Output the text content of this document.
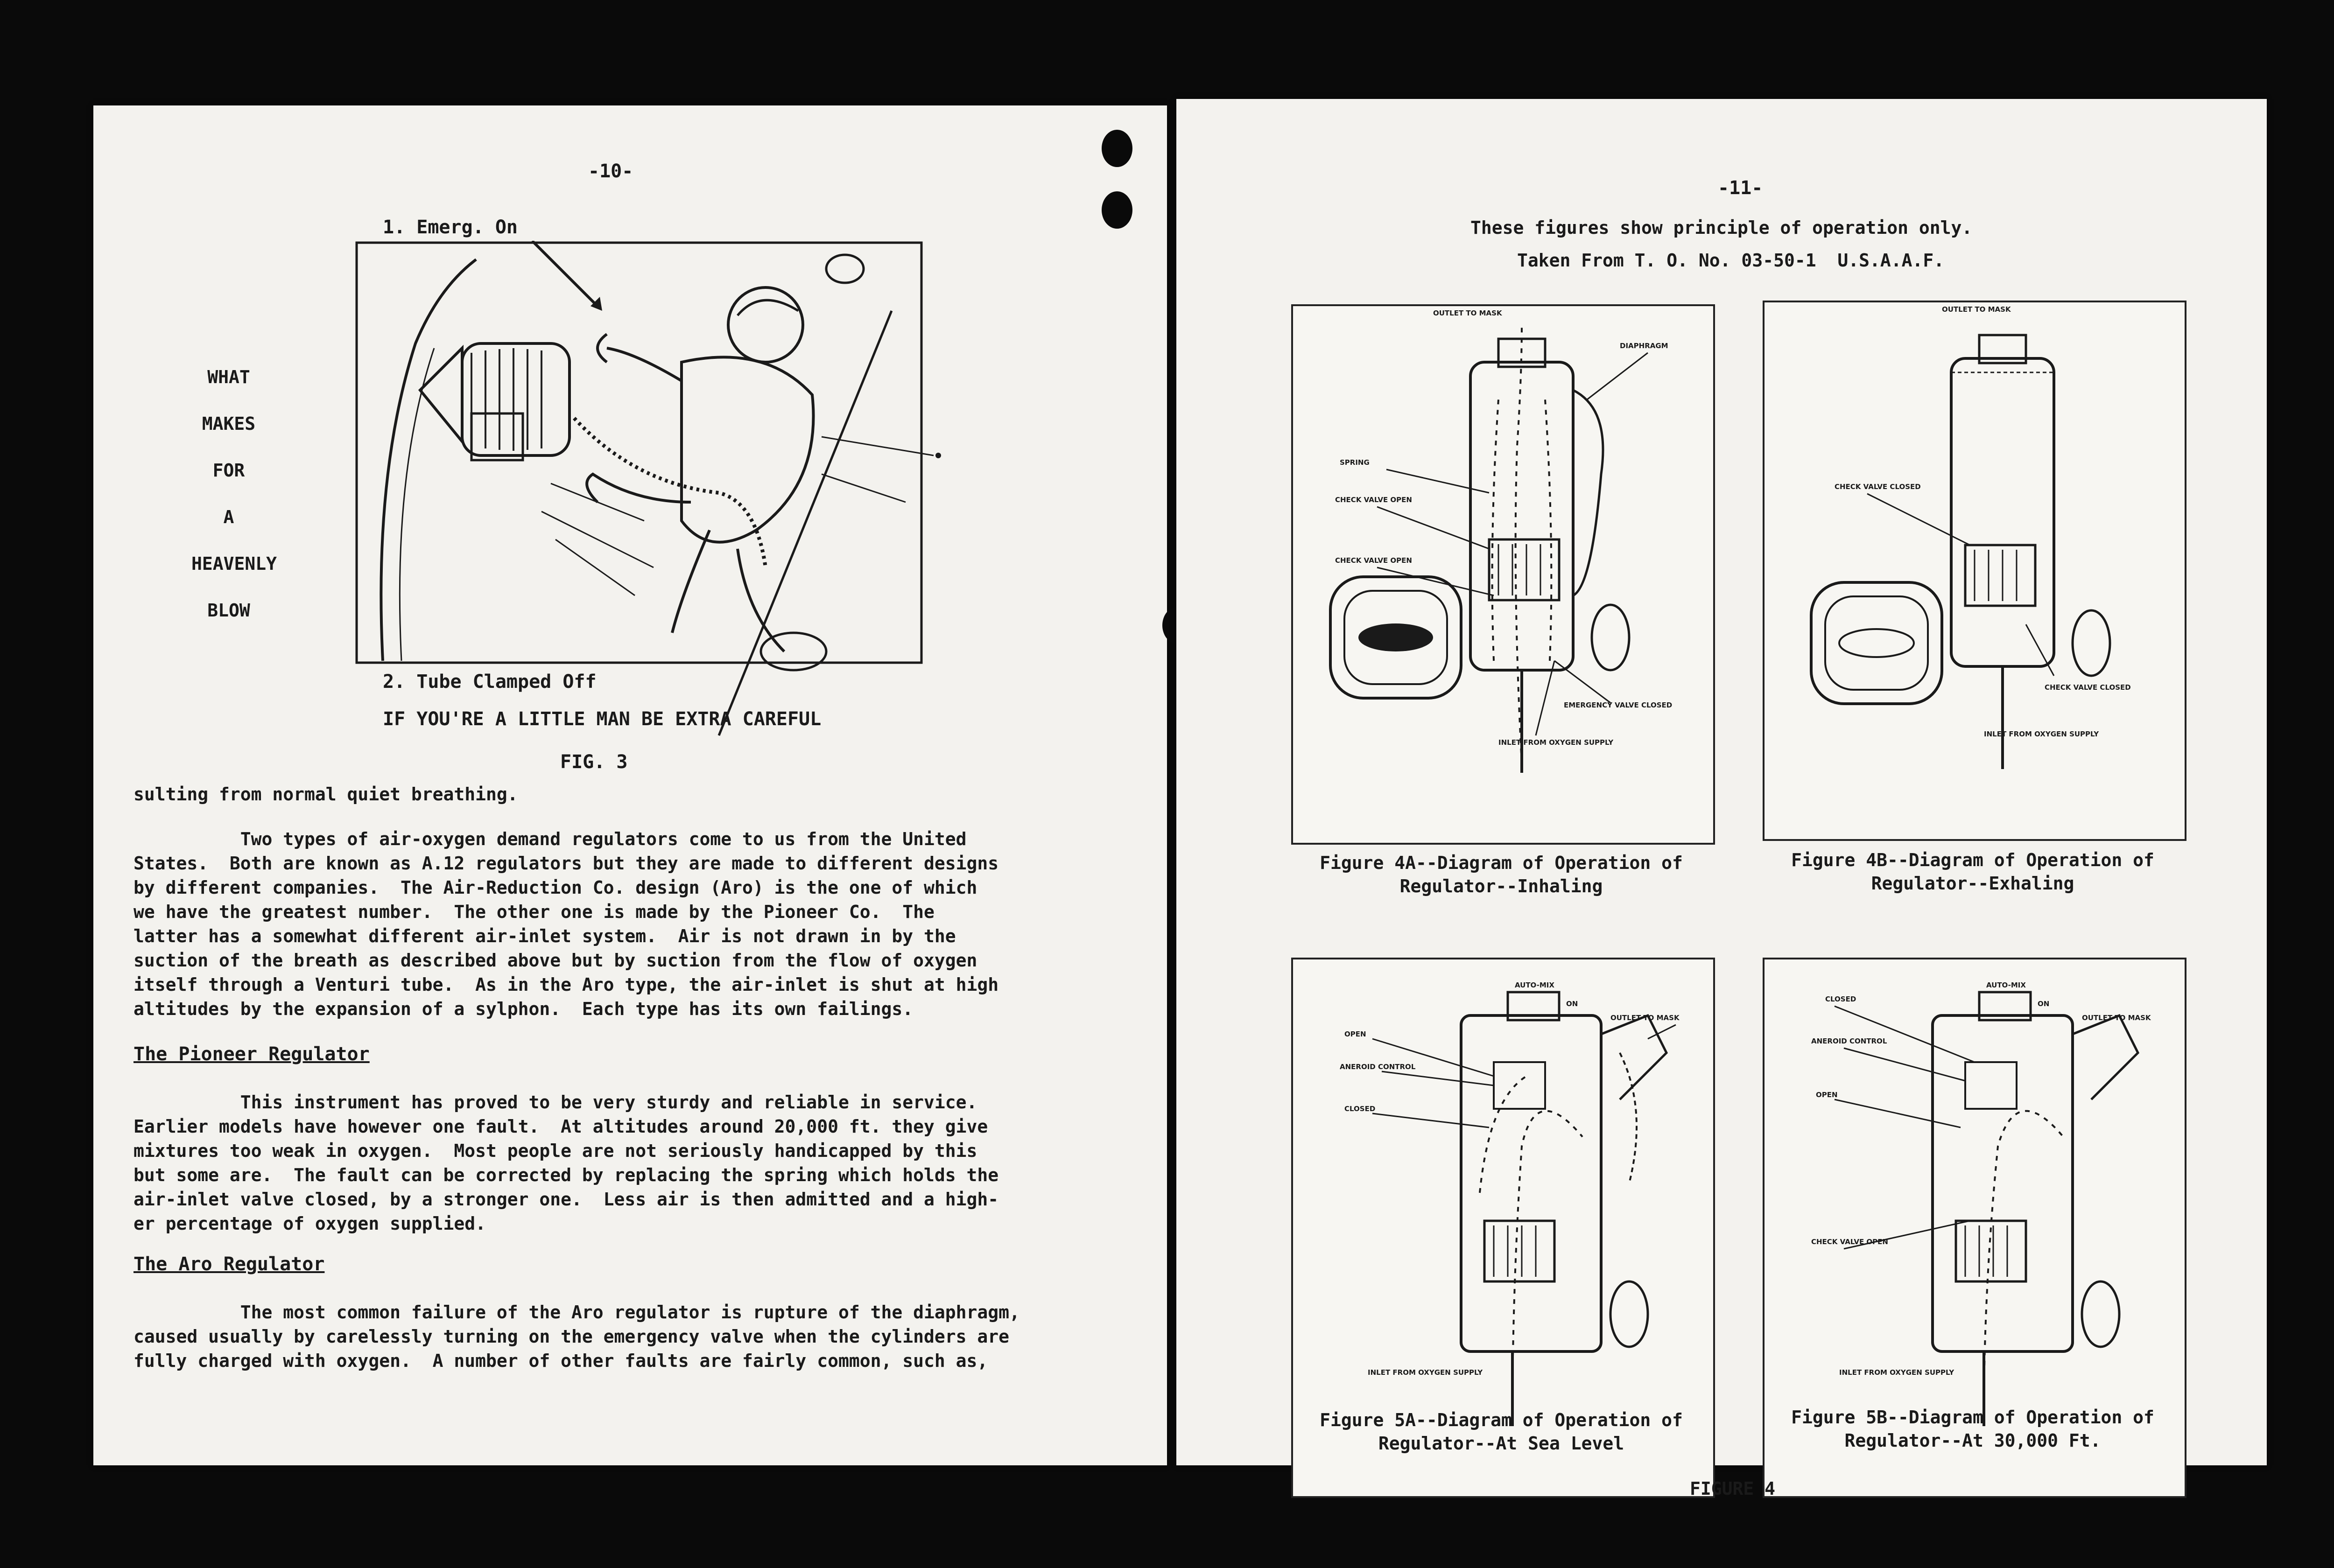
-10-
1. Emerg. On
WHAT
MAKES
FOR
A
HEAVENLY
BLOW
2. Tube Clamped Off
IF YOU'RE A LITTLE MAN BE EXTRA CAREFUL
FIG. 3
sulting from normal quiet breathing.
Two types of air-oxygen demand regulators come to us from the United
States.  Both are known as A.12 regulators but they are made to different designs
by different companies.  The Air-Reduction Co. design (Aro) is the one of which
we have the greatest number.  The other one is made by the Pioneer Co.  The
latter has a somewhat different air-inlet system.  Air is not drawn in by the
suction of the breath as described above but by suction from the flow of oxygen
itself through a Venturi tube.  As in the Aro type, the air-inlet is shut at high
altitudes by the expansion of a sylphon.  Each type has its own failings.
The Pioneer Regulator
This instrument has proved to be very sturdy and reliable in service.
Earlier models have however one fault.  At altitudes around 20,000 ft. they give
mixtures too weak in oxygen.  Most people are not seriously handicapped by this
but some are.  The fault can be corrected by replacing the spring which holds the
air-inlet valve closed, by a stronger one.  Less air is then admitted and a high-
er percentage of oxygen supplied.
The Aro Regulator
The most common failure of the Aro regulator is rupture of the diaphragm,
caused usually by carelessly turning on the emergency valve when the cylinders are
fully charged with oxygen.  A number of other faults are fairly common, such as,
-11-
These figures show principle of operation only.
Taken From T. O. No. 03-50-1  U.S.A.A.F.
OUTLET TO MASK
DIAPHRAGM
SPRING
CHECK VALVE OPEN
CHECK VALVE OPEN
EMERGENCY VALVE CLOSED
INLET FROM OXYGEN SUPPLY
Figure 4A--Diagram of Operation of
Regulator--Inhaling
OUTLET TO MASK
CHECK VALVE CLOSED
CHECK VALVE CLOSED
INLET FROM OXYGEN SUPPLY
Figure 4B--Diagram of Operation of
Regulator--Exhaling
AUTO-MIX
ON
OPEN
ANEROID CONTROL
CLOSED
OUTLET TO MASK
INLET FROM OXYGEN SUPPLY
Figure 5A--Diagram of Operation of
Regulator--At Sea Level
CLOSED
AUTO-MIX
ON
ANEROID CONTROL
OPEN
OUTLET TO MASK
CHECK VALVE OPEN
INLET FROM OXYGEN SUPPLY
Figure 5B--Diagram of Operation of
Regulator--At 30,000 Ft.
FIGURE 4
